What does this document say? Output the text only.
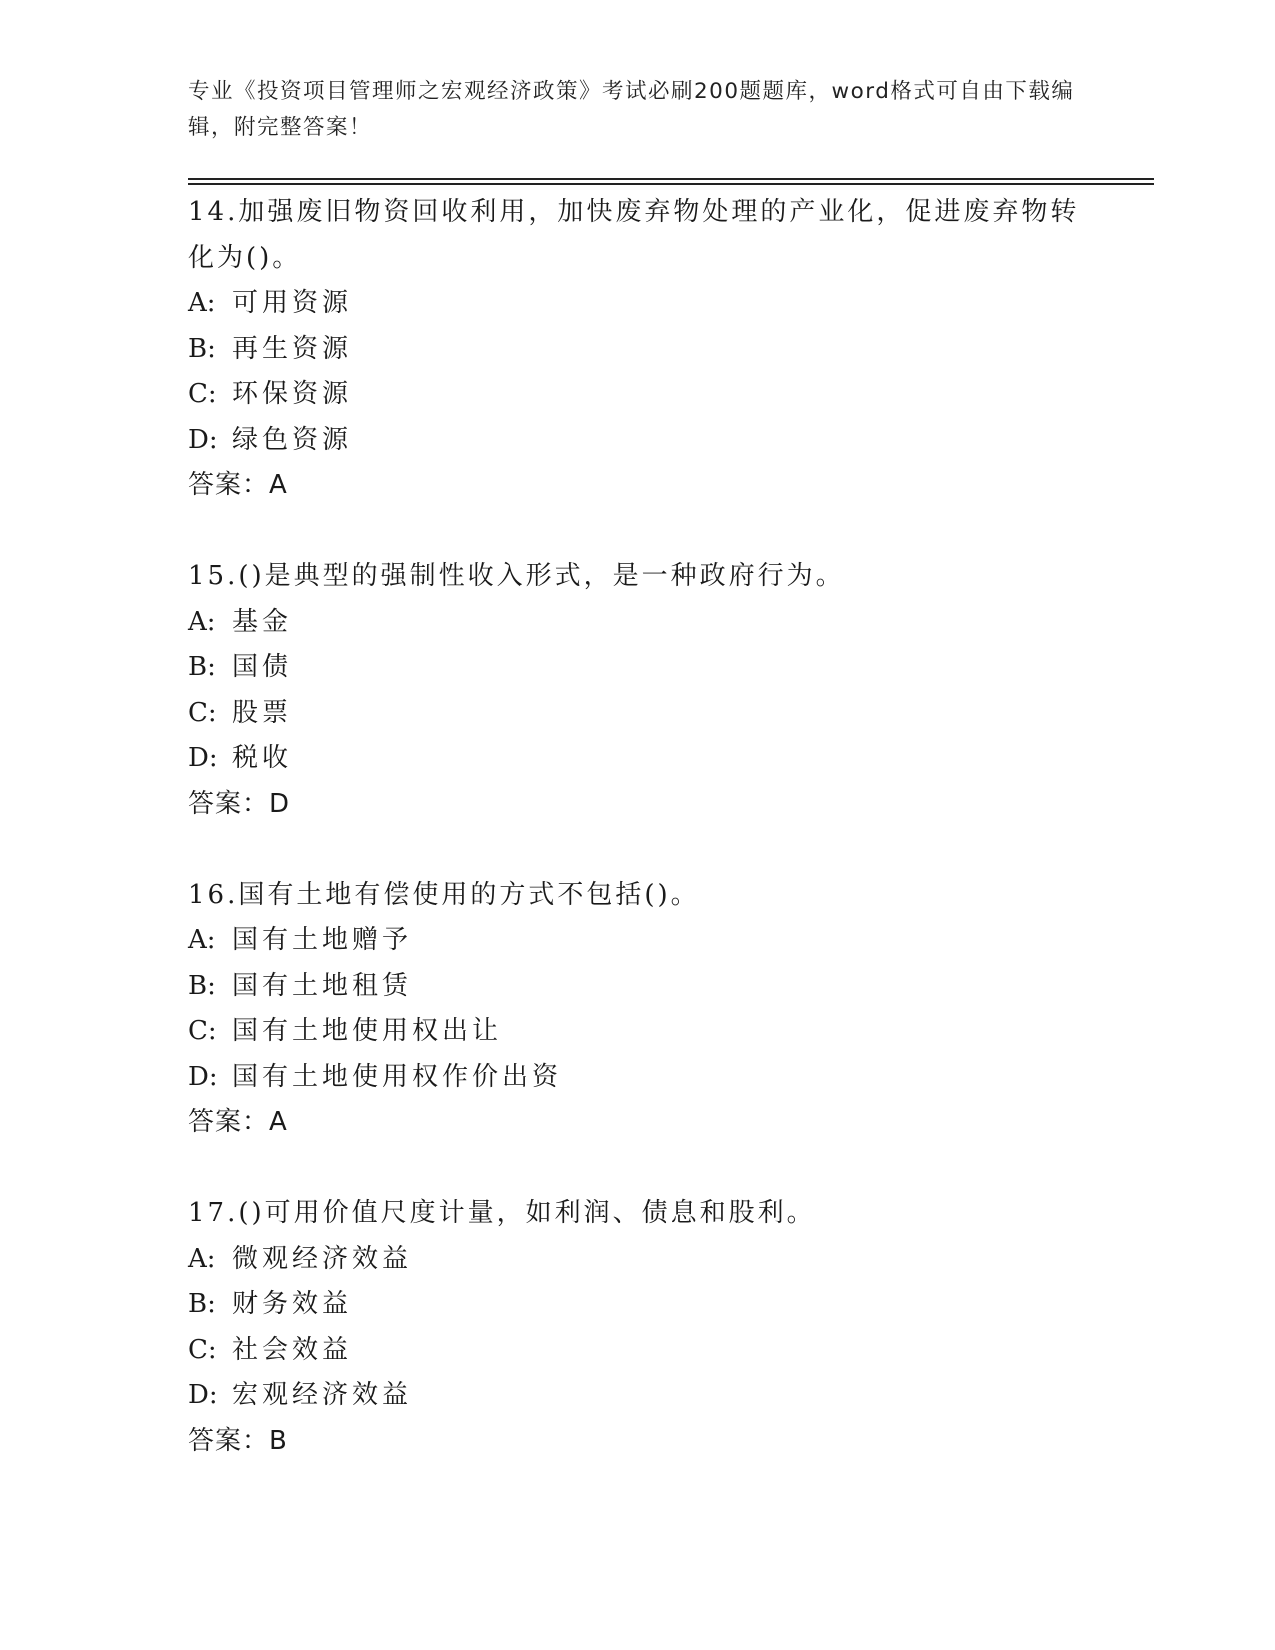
专业《投资项目管理师之宏观经济政策》考试必刷200题题库，word格式可自由下载编辑，附完整答案！

14.加强废旧物资回收利用，加快废弃物处理的产业化，促进废弃物转化为()。

A: 可用资源
B: 再生资源
C: 环保资源
D: 绿色资源
答案：A

15.()是典型的强制性收入形式，是一种政府行为。

A: 基金
B: 国债
C: 股票
D: 税收
答案：D

16.国有土地有偿使用的方式不包括()。

A: 国有土地赠予
B: 国有土地租赁
C: 国有土地使用权出让
D: 国有土地使用权作价出资
答案：A

17.()可用价值尺度计量，如利润、债息和股利。

A: 微观经济效益
B: 财务效益
C: 社会效益
D: 宏观经济效益
答案：B
